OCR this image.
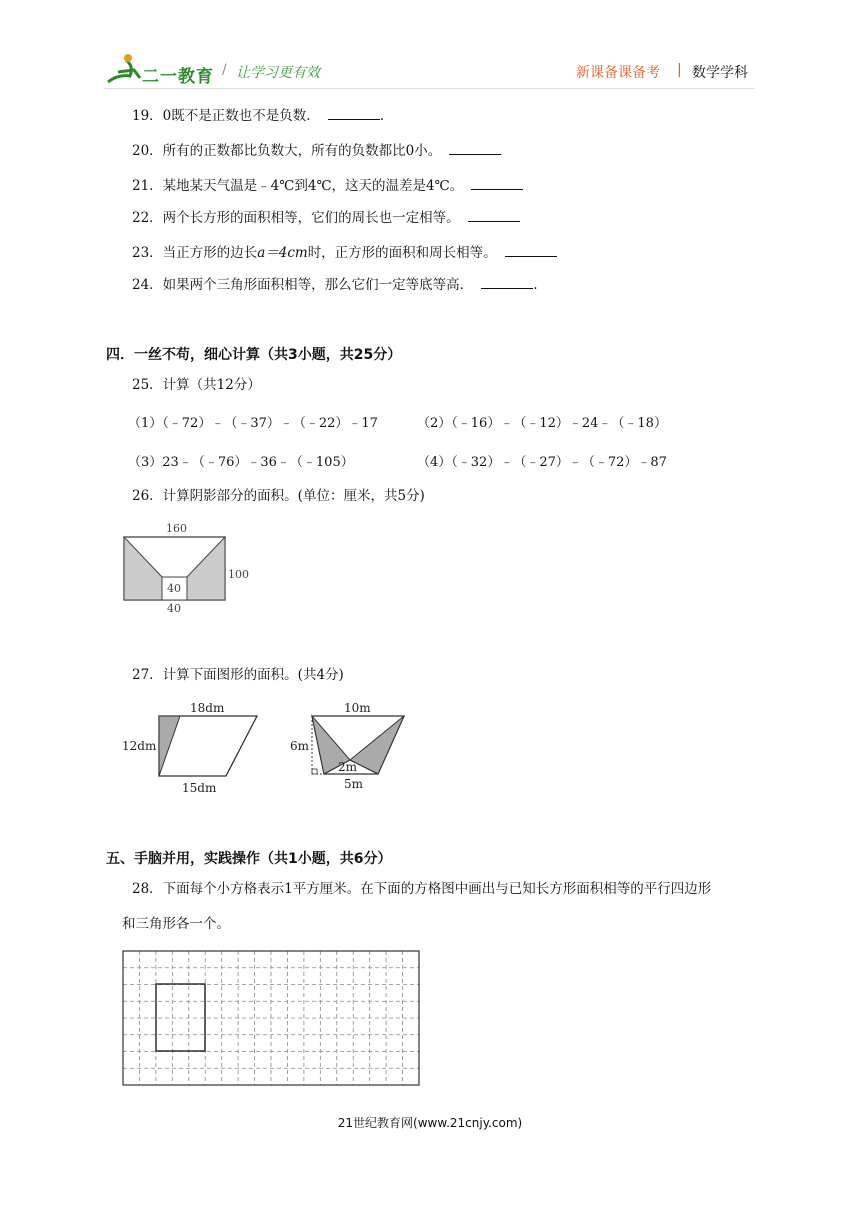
二一教育 / 让学习更有效	新课备课备考 | 数学学科
19．0既不是正数也不是负数．	.
20．所有的正数都比负数大，所有的负数都比0小。
21．某地某天气温是﹣4℃到4℃，这天的温差是4℃。
22．两个长方形的面积相等，它们的周长也一定相等。
23．当正方形的边长a＝4cm时，正方形的面积和周长相等。
24．如果两个三角形面积相等，那么它们一定等底等高．	.
四．一丝不苟，细心计算（共3小题，共25分）
25．计算（共12分）
（1）（﹣72）﹣（﹣37）﹣（﹣22）﹣17	（2）（﹣16）﹣（﹣12）﹣24﹣（﹣18）
（3）23﹣（﹣76）﹣36﹣（﹣105）	（4）（﹣32）﹣（﹣27）﹣（﹣72）﹣87
26．计算阴影部分的面积。(单位：厘米，共5分)
160
40
40
100
27．计算下面图形的面积。(共4分)
18dm
12dm
15dm
10m
6m
2m
5m
五、手脑并用，实践操作（共1小题，共6分）
28．下面每个小方格表示1平方厘米。在下面的方格图中画出与已知长方形面积相等的平行四边形
和三角形各一个。
21世纪教育网(www.21cnjy.com)
